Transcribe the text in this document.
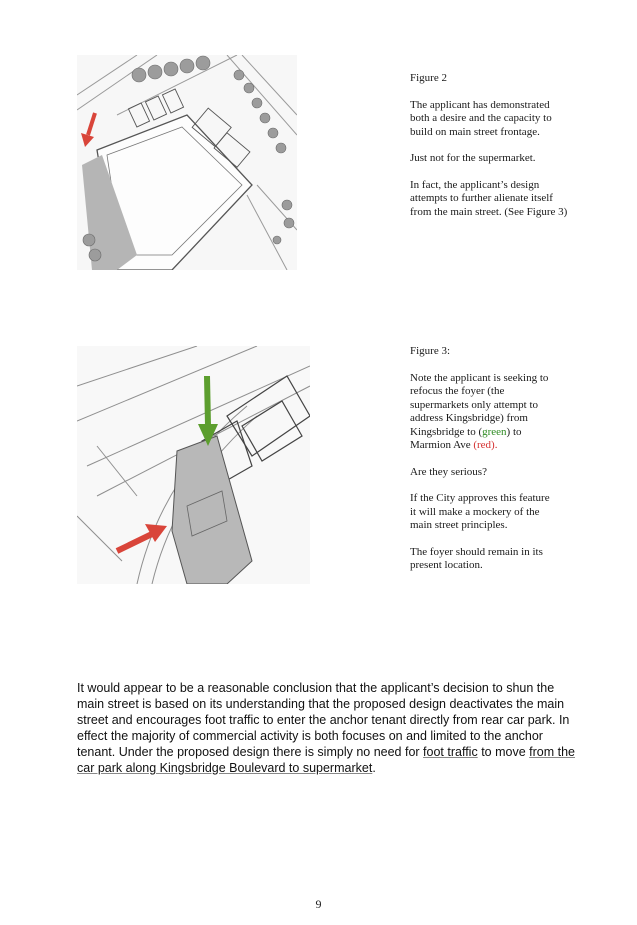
Figure 2

The applicant has demonstrated
both a desire and the capacity to
build on main street frontage.

Just not for the supermarket.

In fact, the applicant’s design
attempts to further alienate itself
from the main street. (See Figure 3)

Figure 3:

Note the applicant is seeking to
refocus the foyer (the
supermarkets only attempt to
address Kingsbridge) from
Kingsbridge to (green) to
Marmion Ave (red).

Are they serious?

If the City approves this feature
it will make a mockery of the
main street principles.

The foyer should remain in its
present location.

It would appear to be a reasonable conclusion that the applicant’s decision to shun the main street is based on its understanding that the proposed design deactivates the main street and encourages foot traffic to enter the anchor tenant directly from rear car park. In effect the majority of commercial activity is both focuses on and limited to the anchor tenant. Under the proposed design there is simply no need for foot traffic to move from the car park along Kingsbridge Boulevard to supermarket.
9
